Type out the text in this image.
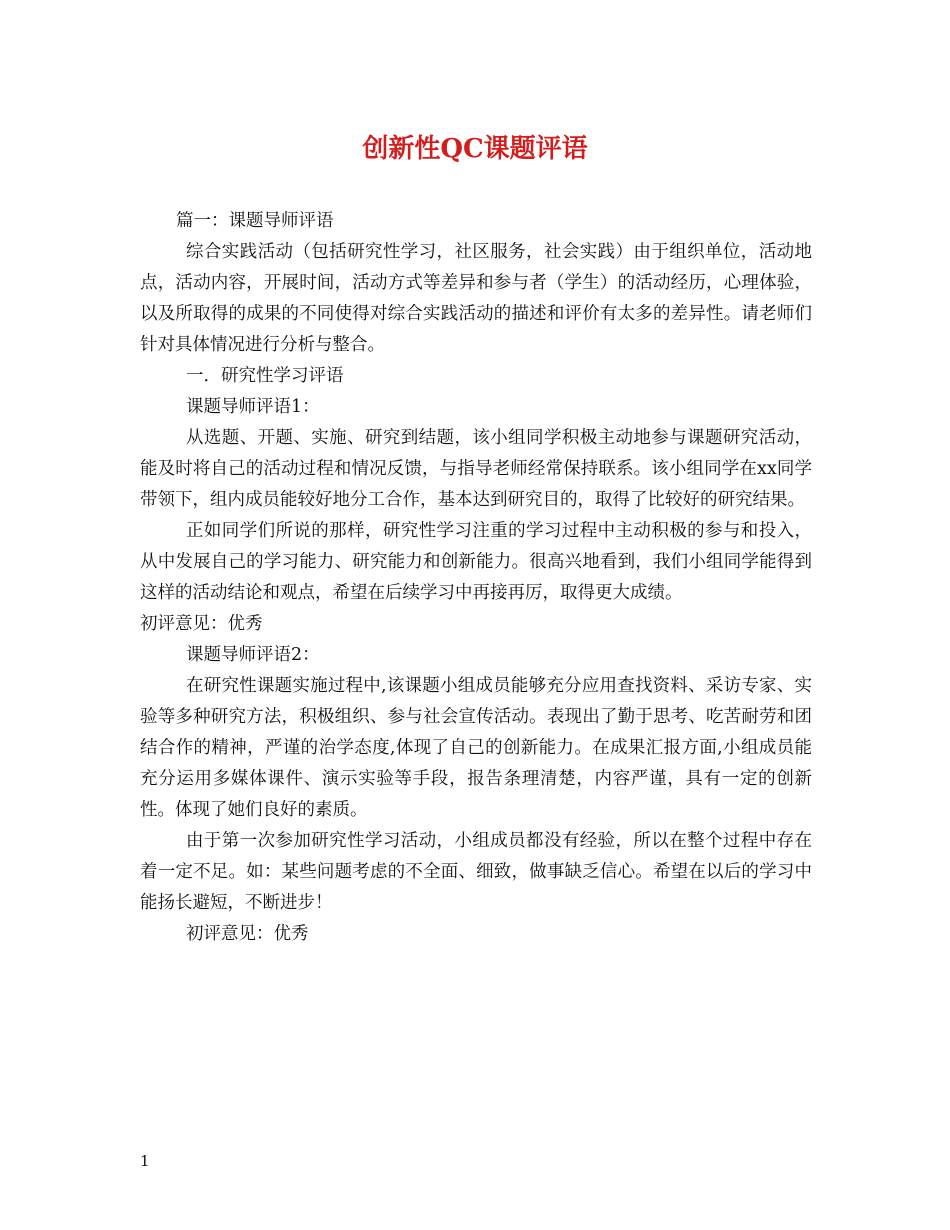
创新性QC课题评语

篇一：课题导师评语

综合实践活动（包括研究性学习，社区服务，社会实践）由于组织单位，活动地点，活动内容，开展时间，活动方式等差异和参与者（学生）的活动经历，心理体验，以及所取得的成果的不同使得对综合实践活动的描述和评价有太多的差异性。请老师们针对具体情况进行分析与整合。

一．研究性学习评语

课题导师评语1：

从选题、开题、实施、研究到结题，该小组同学积极主动地参与课题研究活动，能及时将自己的活动过程和情况反馈，与指导老师经常保持联系。该小组同学在xx同学带领下，组内成员能较好地分工合作，基本达到研究目的，取得了比较好的研究结果。

正如同学们所说的那样，研究性学习注重的学习过程中主动积极的参与和投入，从中发展自己的学习能力、研究能力和创新能力。很高兴地看到，我们小组同学能得到这样的活动结论和观点，希望在后续学习中再接再厉，取得更大成绩。

初评意见：优秀

课题导师评语2：

在研究性课题实施过程中,该课题小组成员能够充分应用查找资料、采访专家、实验等多种研究方法，积极组织、参与社会宣传活动。表现出了勤于思考、吃苦耐劳和团结合作的精神，严谨的治学态度,体现了自己的创新能力。在成果汇报方面,小组成员能充分运用多媒体课件、演示实验等手段，报告条理清楚，内容严谨，具有一定的创新性。体现了她们良好的素质。

由于第一次参加研究性学习活动，小组成员都没有经验，所以在整个过程中存在着一定不足。如：某些问题考虑的不全面、细致，做事缺乏信心。希望在以后的学习中能扬长避短，不断进步！

初评意见：优秀

1
